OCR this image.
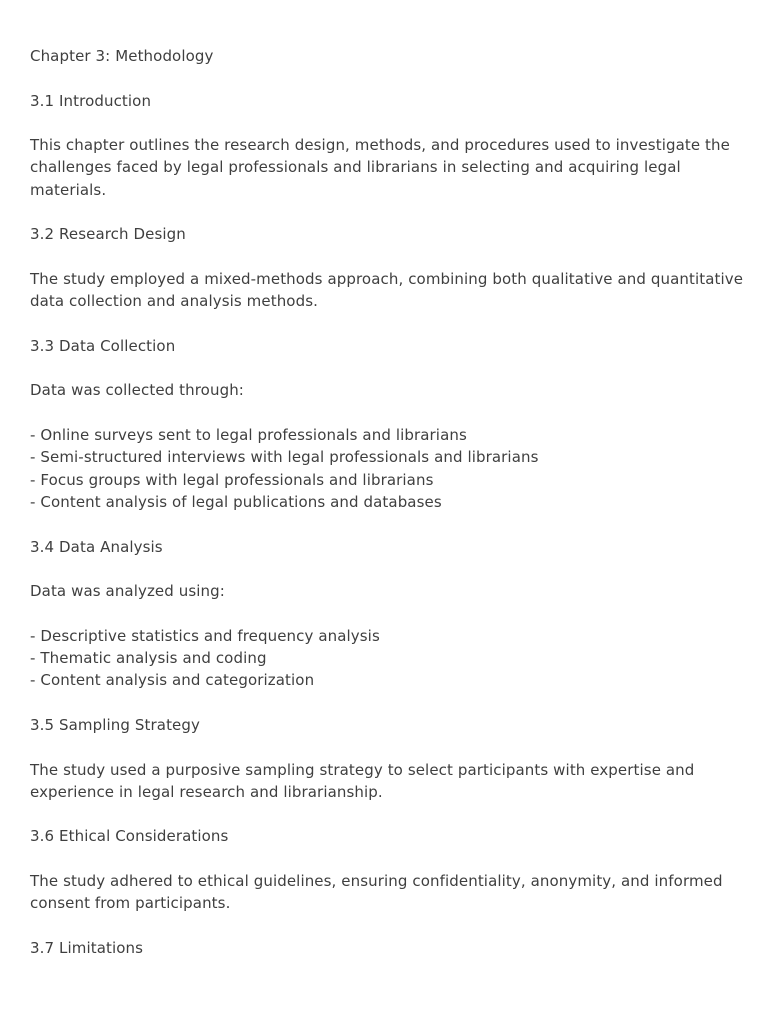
Chapter 3: Methodology
3.1 Introduction
This chapter outlines the research design, methods, and procedures used to investigate the
challenges faced by legal professionals and librarians in selecting and acquiring legal
materials.
3.2 Research Design
The study employed a mixed-methods approach, combining both qualitative and quantitative
data collection and analysis methods.
3.3 Data Collection
Data was collected through:
- Online surveys sent to legal professionals and librarians
- Semi-structured interviews with legal professionals and librarians
- Focus groups with legal professionals and librarians
- Content analysis of legal publications and databases
3.4 Data Analysis
Data was analyzed using:
- Descriptive statistics and frequency analysis
- Thematic analysis and coding
- Content analysis and categorization
3.5 Sampling Strategy
The study used a purposive sampling strategy to select participants with expertise and
experience in legal research and librarianship.
3.6 Ethical Considerations
The study adhered to ethical guidelines, ensuring confidentiality, anonymity, and informed
consent from participants.
3.7 Limitations
